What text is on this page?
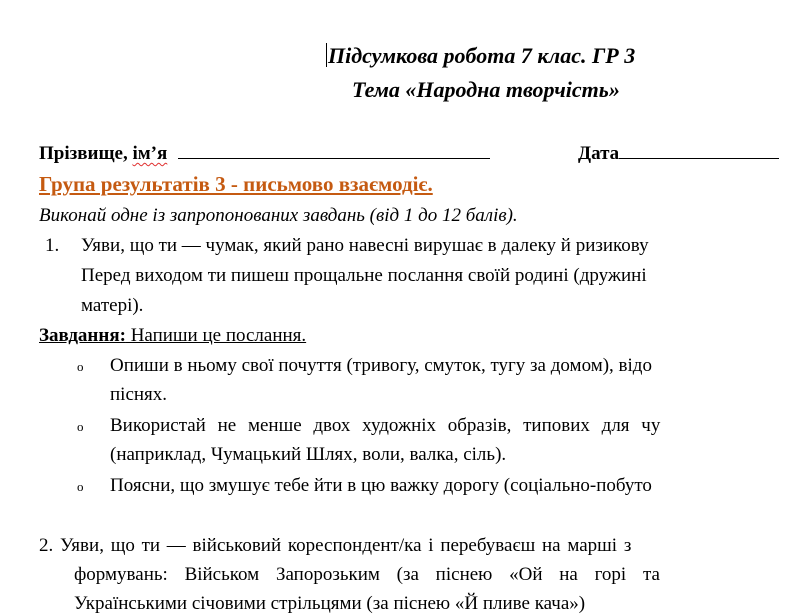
Підсумкова робота 7 клас. ГР 3
Тема «Народна творчість»
Прізвище, ім’я	Дата
Група результатів 3 - письмово взаємодіє.
Виконай одне із запропонованих завдань (від 1 до 12 балів).
1. Уяви, що ти — чумак, який рано навесні вирушає в далеку й ризикову
Перед виходом ти пишеш прощальне послання своїй родині (дружині
матері).
Завдання: Напиши це послання.
o Опиши в ньому свої почуття (тривогу, смуток, тугу за домом), відо
піснях.
o Використай не менше двох художніх образів, типових для чу
(наприклад, Чумацький Шлях, воли, валка, сіль).
o Поясни, що змушує тебе йти в цю важку дорогу (соціально-побуто
2. Уяви, що ти — військовий кореспондент/ка і перебуваєш на марші з
формувань: Військом Запорозьким (за піснею «Ой на горі та
Українськими січовими стрільцями (за піснею «Й пливе кача»)
